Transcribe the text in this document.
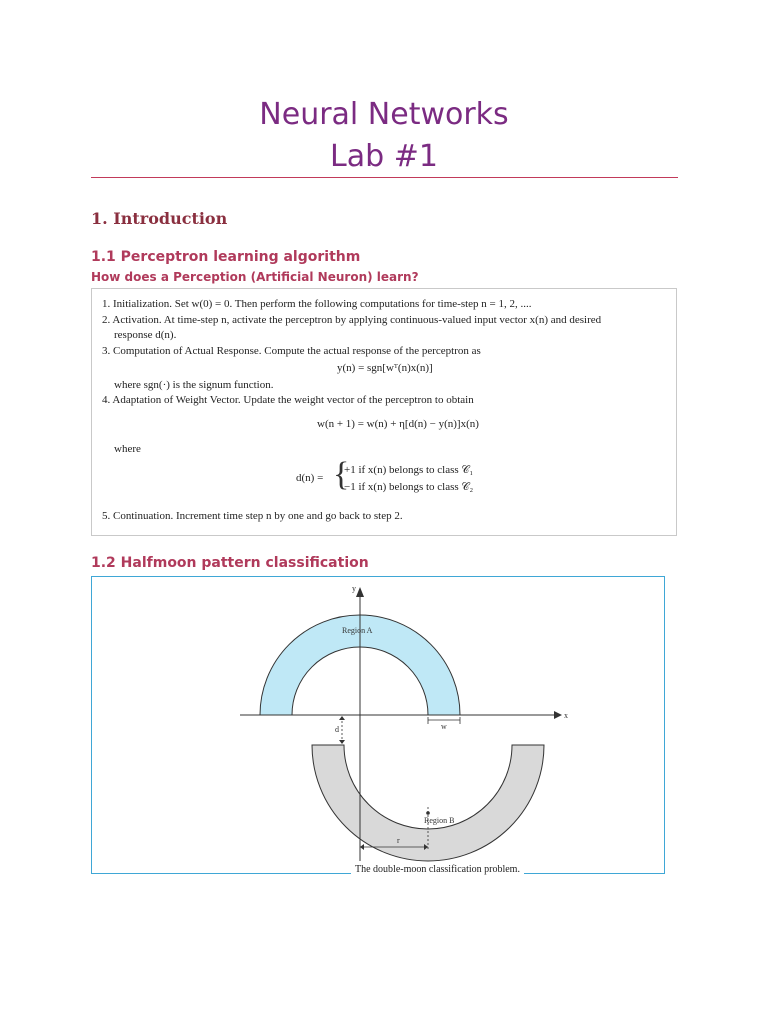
Neural Networks
Lab #1
1. Introduction
1.1 Perceptron learning algorithm
How does a Perception (Artificial Neuron) learn?
1. Initialization. Set w(0) = 0. Then perform the following computations for time-step n = 1, 2, ....
2. Activation. At time-step n, activate the perceptron by applying continuous-valued input vector x(n) and desired
response d(n).
3. Computation of Actual Response. Compute the actual response of the perceptron as
y(n) = sgn[wᵀ(n)x(n)]
where sgn(·) is the signum function.
4. Adaptation of Weight Vector. Update the weight vector of the perceptron to obtain
w(n + 1) = w(n) + η[d(n) − y(n)]x(n)
where
d(n) = {
+1 if x(n) belongs to class 𝒞₁
−1 if x(n) belongs to class 𝒞₂
5. Continuation. Increment time step n by one and go back to step 2.
1.2 Halfmoon pattern classification
y
x
Region A
Region B
w
d
r
The double-moon classification problem.
